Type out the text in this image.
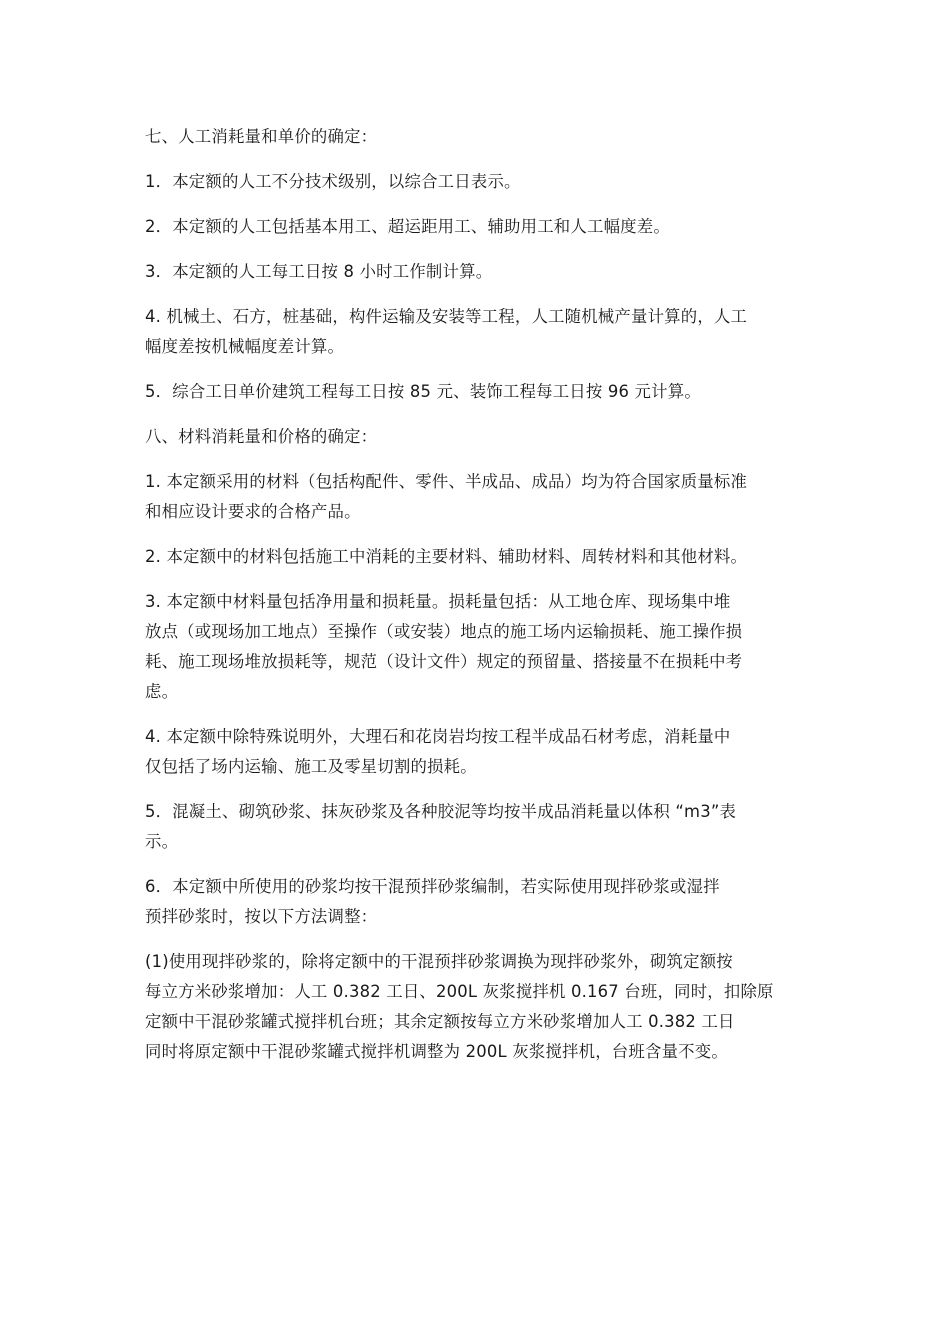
七、人工消耗量和单价的确定：

1．本定额的人工不分技术级别，以综合工日表示。

2．本定额的人工包括基本用工、超运距用工、辅助用工和人工幅度差。

3．本定额的人工每工日按 8 小时工作制计算。

4. 机械土、石方，桩基础，构件运输及安装等工程，人工随机械产量计算的，人工
幅度差按机械幅度差计算。

5．综合工日单价建筑工程每工日按 85 元、装饰工程每工日按 96 元计算。

八、材料消耗量和价格的确定：

1. 本定额采用的材料（包括构配件、零件、半成品、成品）均为符合国家质量标准
和相应设计要求的合格产品。

2. 本定额中的材料包括施工中消耗的主要材料、辅助材料、周转材料和其他材料。

3. 本定额中材料量包括净用量和损耗量。损耗量包括：从工地仓库、现场集中堆
放点（或现场加工地点）至操作（或安装）地点的施工场内运输损耗、施工操作损
耗、施工现场堆放损耗等，规范（设计文件）规定的预留量、搭接量不在损耗中考
虑。

4. 本定额中除特殊说明外，大理石和花岗岩均按工程半成品石材考虑，消耗量中
仅包括了场内运输、施工及零星切割的损耗。

5．混凝土、砌筑砂浆、抹灰砂浆及各种胶泥等均按半成品消耗量以体积 “m3”表
示。

6．本定额中所使用的砂浆均按干混预拌砂浆编制，若实际使用现拌砂浆或湿拌
预拌砂浆时，按以下方法调整：

(1)使用现拌砂浆的，除将定额中的干混预拌砂浆调换为现拌砂浆外，砌筑定额按
每立方米砂浆增加：人工 0.382 工日、200L 灰浆搅拌机 0.167 台班，同时，扣除原
定额中干混砂浆罐式搅拌机台班；其余定额按每立方米砂浆增加人工 0.382 工日
同时将原定额中干混砂浆罐式搅拌机调整为 200L 灰浆搅拌机，台班含量不变。
